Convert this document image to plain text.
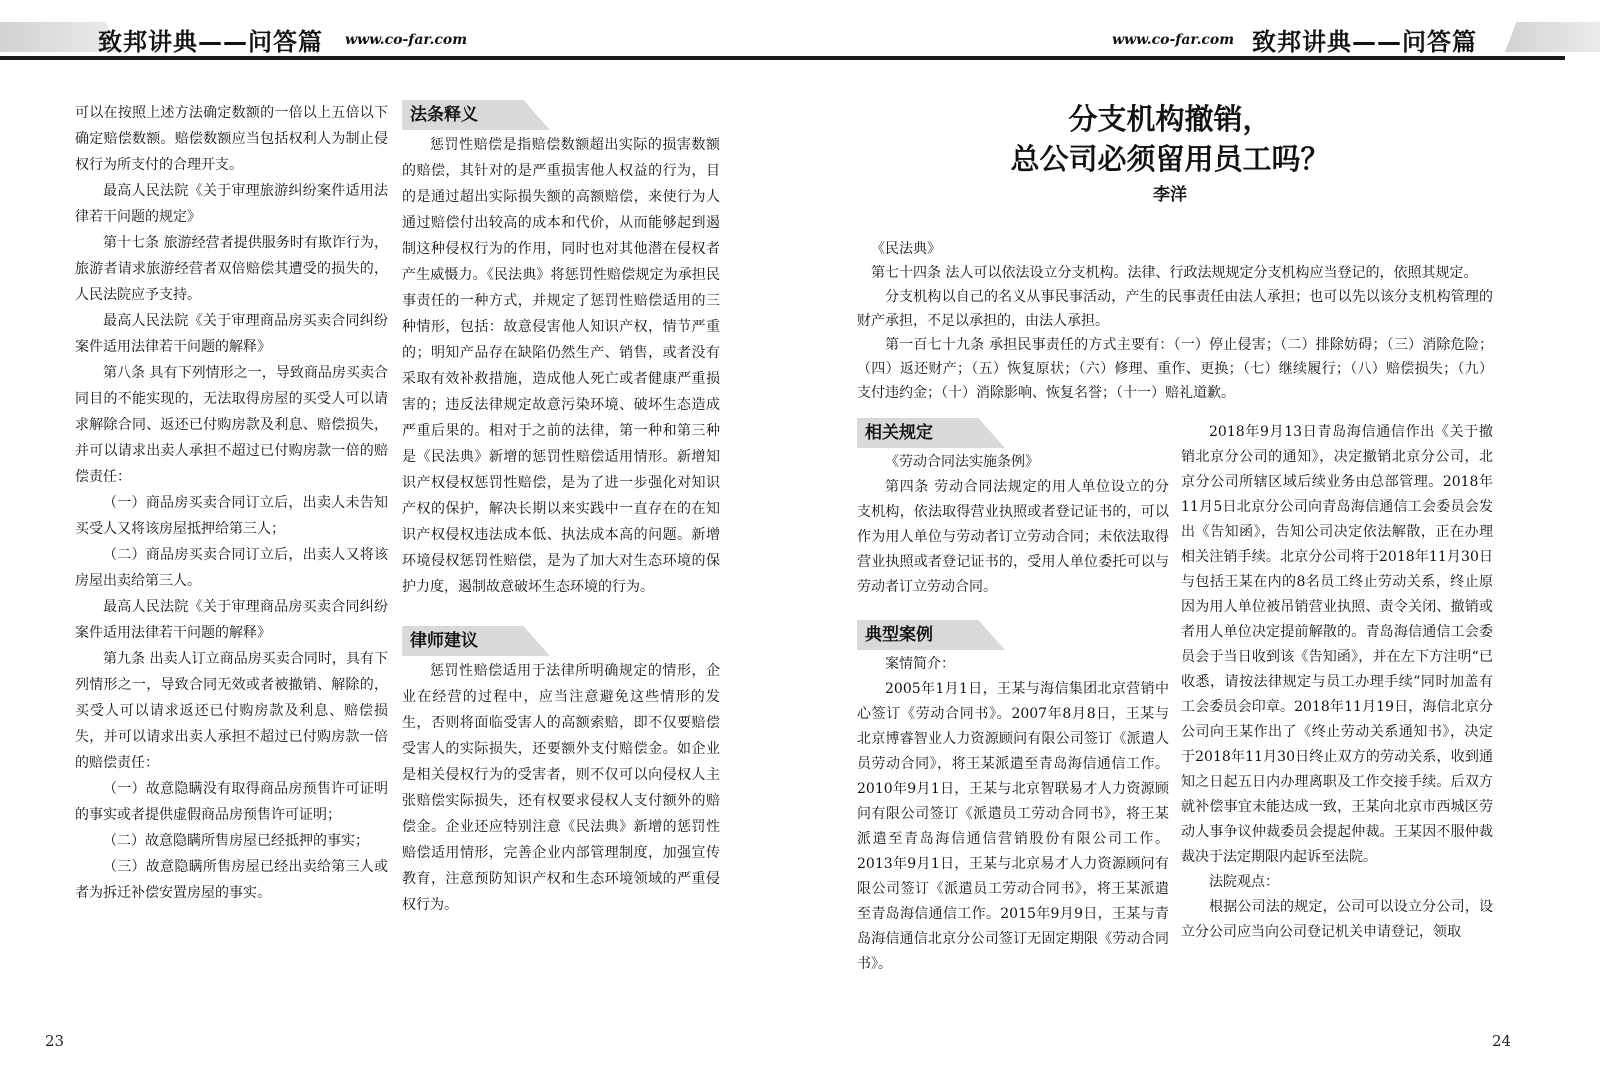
致邦讲典——问答篇 www.co-far.com

可以在按照上述方法确定数额的一倍以上五倍以下确定赔偿数额。赔偿数额应当包括权利人为制止侵权行为所支付的合理开支。

最高人民法院《关于审理旅游纠纷案件适用法律若干问题的规定》

第十七条 旅游经营者提供服务时有欺诈行为，旅游者请求旅游经营者双倍赔偿其遭受的损失的，人民法院应予支持。

最高人民法院《关于审理商品房买卖合同纠纷案件适用法律若干问题的解释》

第八条 具有下列情形之一，导致商品房买卖合同目的不能实现的，无法取得房屋的买受人可以请求解除合同、返还已付购房款及利息、赔偿损失，并可以请求出卖人承担不超过已付购房款一倍的赔偿责任：

（一）商品房买卖合同订立后，出卖人未告知买受人又将该房屋抵押给第三人；

（二）商品房买卖合同订立后，出卖人又将该房屋出卖给第三人。

最高人民法院《关于审理商品房买卖合同纠纷案件适用法律若干问题的解释》

第九条 出卖人订立商品房买卖合同时，具有下列情形之一，导致合同无效或者被撤销、解除的，买受人可以请求返还已付购房款及利息、赔偿损失，并可以请求出卖人承担不超过已付购房款一倍的赔偿责任：

（一）故意隐瞒没有取得商品房预售许可证明的事实或者提供虚假商品房预售许可证明；

（二）故意隐瞒所售房屋已经抵押的事实；

（三）故意隐瞒所售房屋已经出卖给第三人或者为拆迁补偿安置房屋的事实。

法条释义

惩罚性赔偿是指赔偿数额超出实际的损害数额的赔偿，其针对的是严重损害他人权益的行为，目的是通过超出实际损失额的高额赔偿，来使行为人通过赔偿付出较高的成本和代价，从而能够起到遏制这种侵权行为的作用，同时也对其他潜在侵权者产生威慑力。《民法典》将惩罚性赔偿规定为承担民事责任的一种方式，并规定了惩罚性赔偿适用的三种情形，包括：故意侵害他人知识产权，情节严重的；明知产品存在缺陷仍然生产、销售，或者没有采取有效补救措施，造成他人死亡或者健康严重损害的；违反法律规定故意污染环境、破坏生态造成严重后果的。相对于之前的法律，第一种和第三种是《民法典》新增的惩罚性赔偿适用情形。新增知识产权侵权惩罚性赔偿，是为了进一步强化对知识产权的保护，解决长期以来实践中一直存在的在知识产权侵权违法成本低、执法成本高的问题。新增环境侵权惩罚性赔偿，是为了加大对生态环境的保护力度，遏制故意破坏生态环境的行为。

律师建议

惩罚性赔偿适用于法律所明确规定的情形，企业在经营的过程中，应当注意避免这些情形的发生，否则将面临受害人的高额索赔，即不仅要赔偿受害人的实际损失，还要额外支付赔偿金。如企业是相关侵权行为的受害者，则不仅可以向侵权人主张赔偿实际损失，还有权要求侵权人支付额外的赔偿金。企业还应特别注意《民法典》新增的惩罚性赔偿适用情形，完善企业内部管理制度，加强宣传教育，注意预防知识产权和生态环境领域的严重侵权行为。

23
www.co-far.com 致邦讲典——问答篇
分支机构撤销，
总公司必须留用员工吗？
李洋

《民法典》

第七十四条 法人可以依法设立分支机构。法律、行政法规规定分支机构应当登记的，依照其规定。

分支机构以自己的名义从事民事活动，产生的民事责任由法人承担；也可以先以该分支机构管理的财产承担，不足以承担的，由法人承担。

第一百七十九条 承担民事责任的方式主要有：（一）停止侵害；（二）排除妨碍；（三）消除危险；（四）返还财产；（五）恢复原状；（六）修理、重作、更换；（七）继续履行；（八）赔偿损失；（九）支付违约金；（十）消除影响、恢复名誉；（十一）赔礼道歉。

相关规定

《劳动合同法实施条例》

第四条 劳动合同法规定的用人单位设立的分支机构，依法取得营业执照或者登记证书的，可以作为用人单位与劳动者订立劳动合同；未依法取得营业执照或者登记证书的，受用人单位委托可以与劳动者订立劳动合同。

典型案例

案情简介：

2005年1月1日，王某与海信集团北京营销中心签订《劳动合同书》。2007年8月8日，王某与北京博睿智业人力资源顾问有限公司签订《派遣人员劳动合同》，将王某派遣至青岛海信通信工作。2010年9月1日，王某与北京智联易才人力资源顾问有限公司签订《派遣员工劳动合同书》，将王某派遣至青岛海信通信营销股份有限公司工作。2013年9月1日，王某与北京易才人力资源顾问有限公司签订《派遣员工劳动合同书》，将王某派遣至青岛海信通信工作。2015年9月9日，王某与青岛海信通信北京分公司签订无固定期限《劳动合同书》。

2018年9月13日青岛海信通信作出《关于撤销北京分公司的通知》，决定撤销北京分公司，北京分公司所辖区域后续业务由总部管理。2018年11月5日北京分公司向青岛海信通信工会委员会发出《告知函》，告知公司决定依法解散，正在办理相关注销手续。北京分公司将于2018年11月30日与包括王某在内的8名员工终止劳动关系，终止原因为用人单位被吊销营业执照、责令关闭、撤销或者用人单位决定提前解散的。青岛海信通信工会委员会于当日收到该《告知函》，并在左下方注明“已收悉，请按法律规定与员工办理手续”同时加盖有工会委员会印章。2018年11月19日，海信北京分公司向王某作出了《终止劳动关系通知书》，决定于2018年11月30日终止双方的劳动关系，收到通知之日起五日内办理离职及工作交接手续。后双方就补偿事宜未能达成一致，王某向北京市西城区劳动人事争议仲裁委员会提起仲裁。王某因不服仲裁裁决于法定期限内起诉至法院。

法院观点：

根据公司法的规定，公司可以设立分公司，设立分公司应当向公司登记机关申请登记，领取

24
